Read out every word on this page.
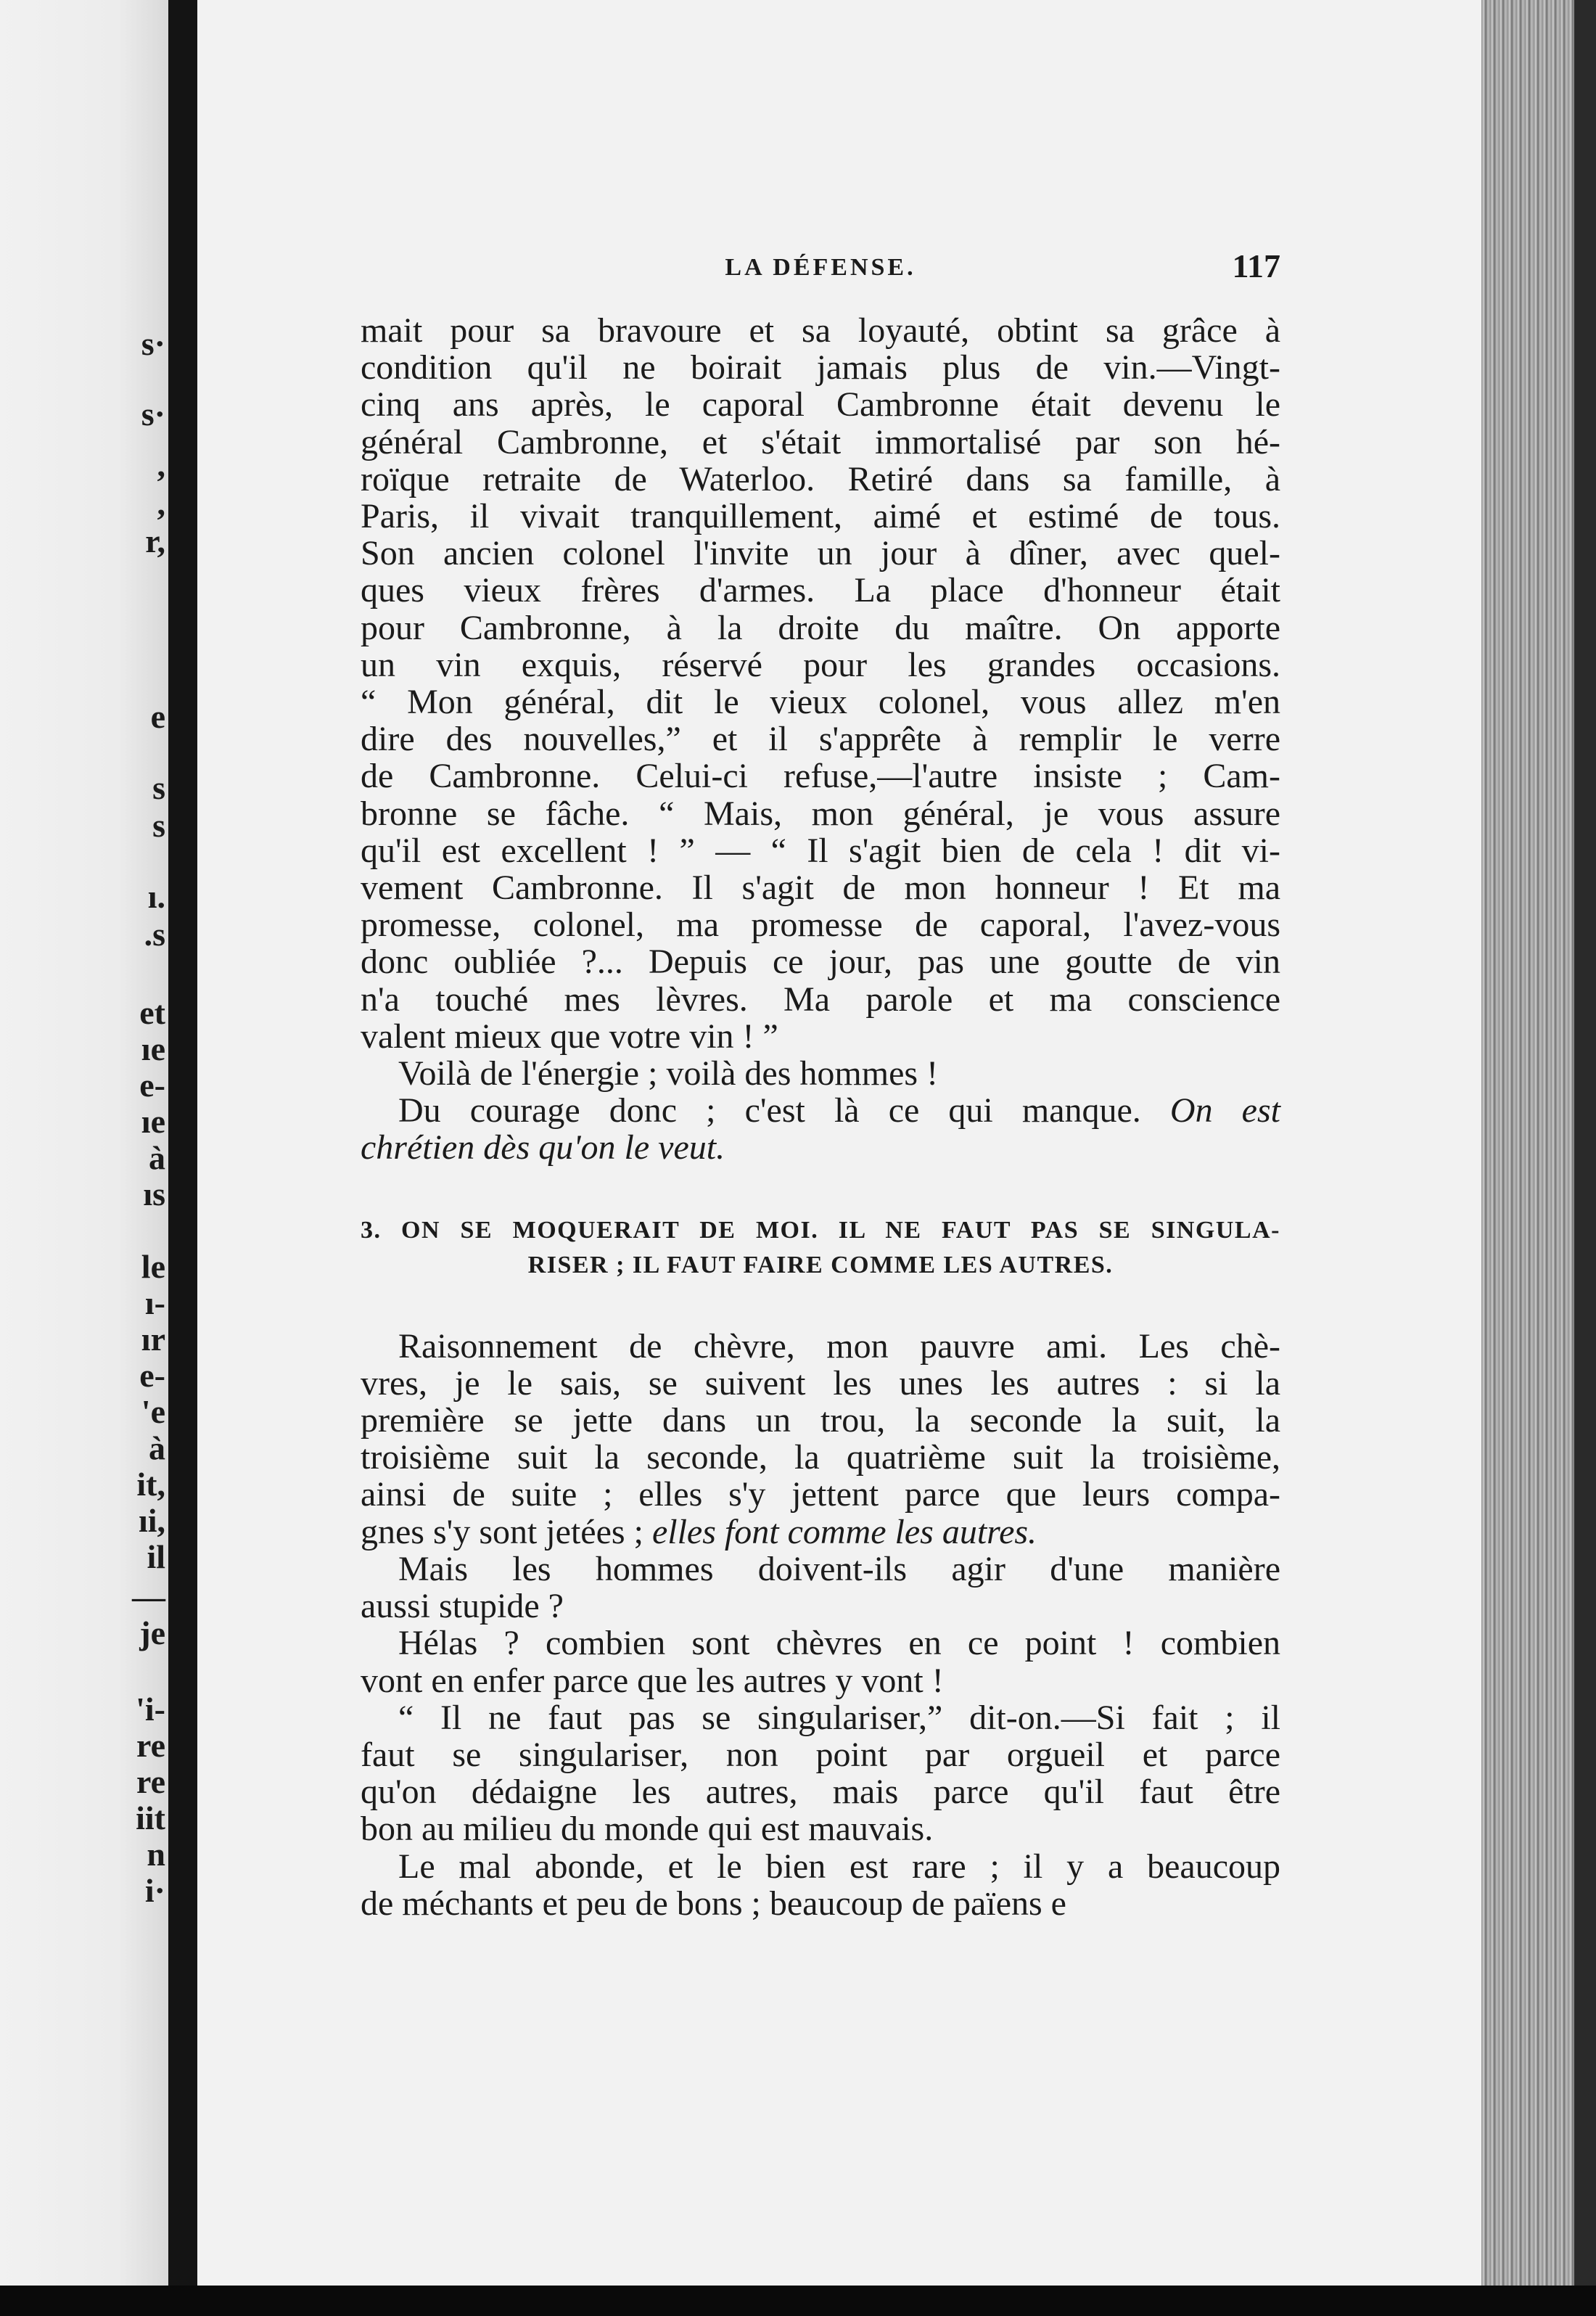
s·
s·
,
,
r,
e
s
s
ı.
.s
et
ıe
e-
ıe
à
ıs
le
ı-
ır
e-
'e
à
it,
ıi,
il
—
je
'i-
re
re
iit
n
i·
LA DÉFENSE.	117

mait pour sa bravoure et sa loyauté, obtint sa grâce à
condition qu'il ne boirait jamais plus de vin.—Vingt-
cinq ans après, le caporal Cambronne était devenu le
général Cambronne, et s'était immortalisé par son hé-
roïque retraite de Waterloo. Retiré dans sa famille, à
Paris, il vivait tranquillement, aimé et estimé de tous.
Son ancien colonel l'invite un jour à dîner, avec quel-
ques vieux frères d'armes. La place d'honneur était
pour Cambronne, à la droite du maître. On apporte
un vin exquis, réservé pour les grandes occasions.
“ Mon général, dit le vieux colonel, vous allez m'en
dire des nouvelles,” et il s'apprête à remplir le verre
de Cambronne. Celui-ci refuse,—l'autre insiste ; Cam-
bronne se fâche. “ Mais, mon général, je vous assure
qu'il est excellent ! ” — “ Il s'agit bien de cela ! dit vi-
vement Cambronne. Il s'agit de mon honneur ! Et ma
promesse, colonel, ma promesse de caporal, l'avez-vous
donc oubliée ?... Depuis ce jour, pas une goutte de vin
n'a touché mes lèvres. Ma parole et ma conscience
valent mieux que votre vin ! ”

Voilà de l'énergie ; voilà des hommes !

Du courage donc ; c'est là ce qui manque. On est
chrétien dès qu'on le veut.

3. ON SE MOQUERAIT DE MOI. IL NE FAUT PAS SE SINGULA-
RISER ; IL FAUT FAIRE COMME LES AUTRES.

Raisonnement de chèvre, mon pauvre ami. Les chè-
vres, je le sais, se suivent les unes les autres : si la
première se jette dans un trou, la seconde la suit, la
troisième suit la seconde, la quatrième suit la troisième,
ainsi de suite ; elles s'y jettent parce que leurs compa-
gnes s'y sont jetées ; elles font comme les autres.

Mais les hommes doivent-ils agir d'une manière
aussi stupide ?

Hélas ? combien sont chèvres en ce point ! combien
vont en enfer parce que les autres y vont !

“ Il ne faut pas se singulariser,” dit-on.—Si fait ; il
faut se singulariser, non point par orgueil et parce
qu'on dédaigne les autres, mais parce qu'il faut être
bon au milieu du monde qui est mauvais.

Le mal abonde, et le bien est rare ; il y a beaucoup
de méchants et peu de bons ; beaucoup de païens e
